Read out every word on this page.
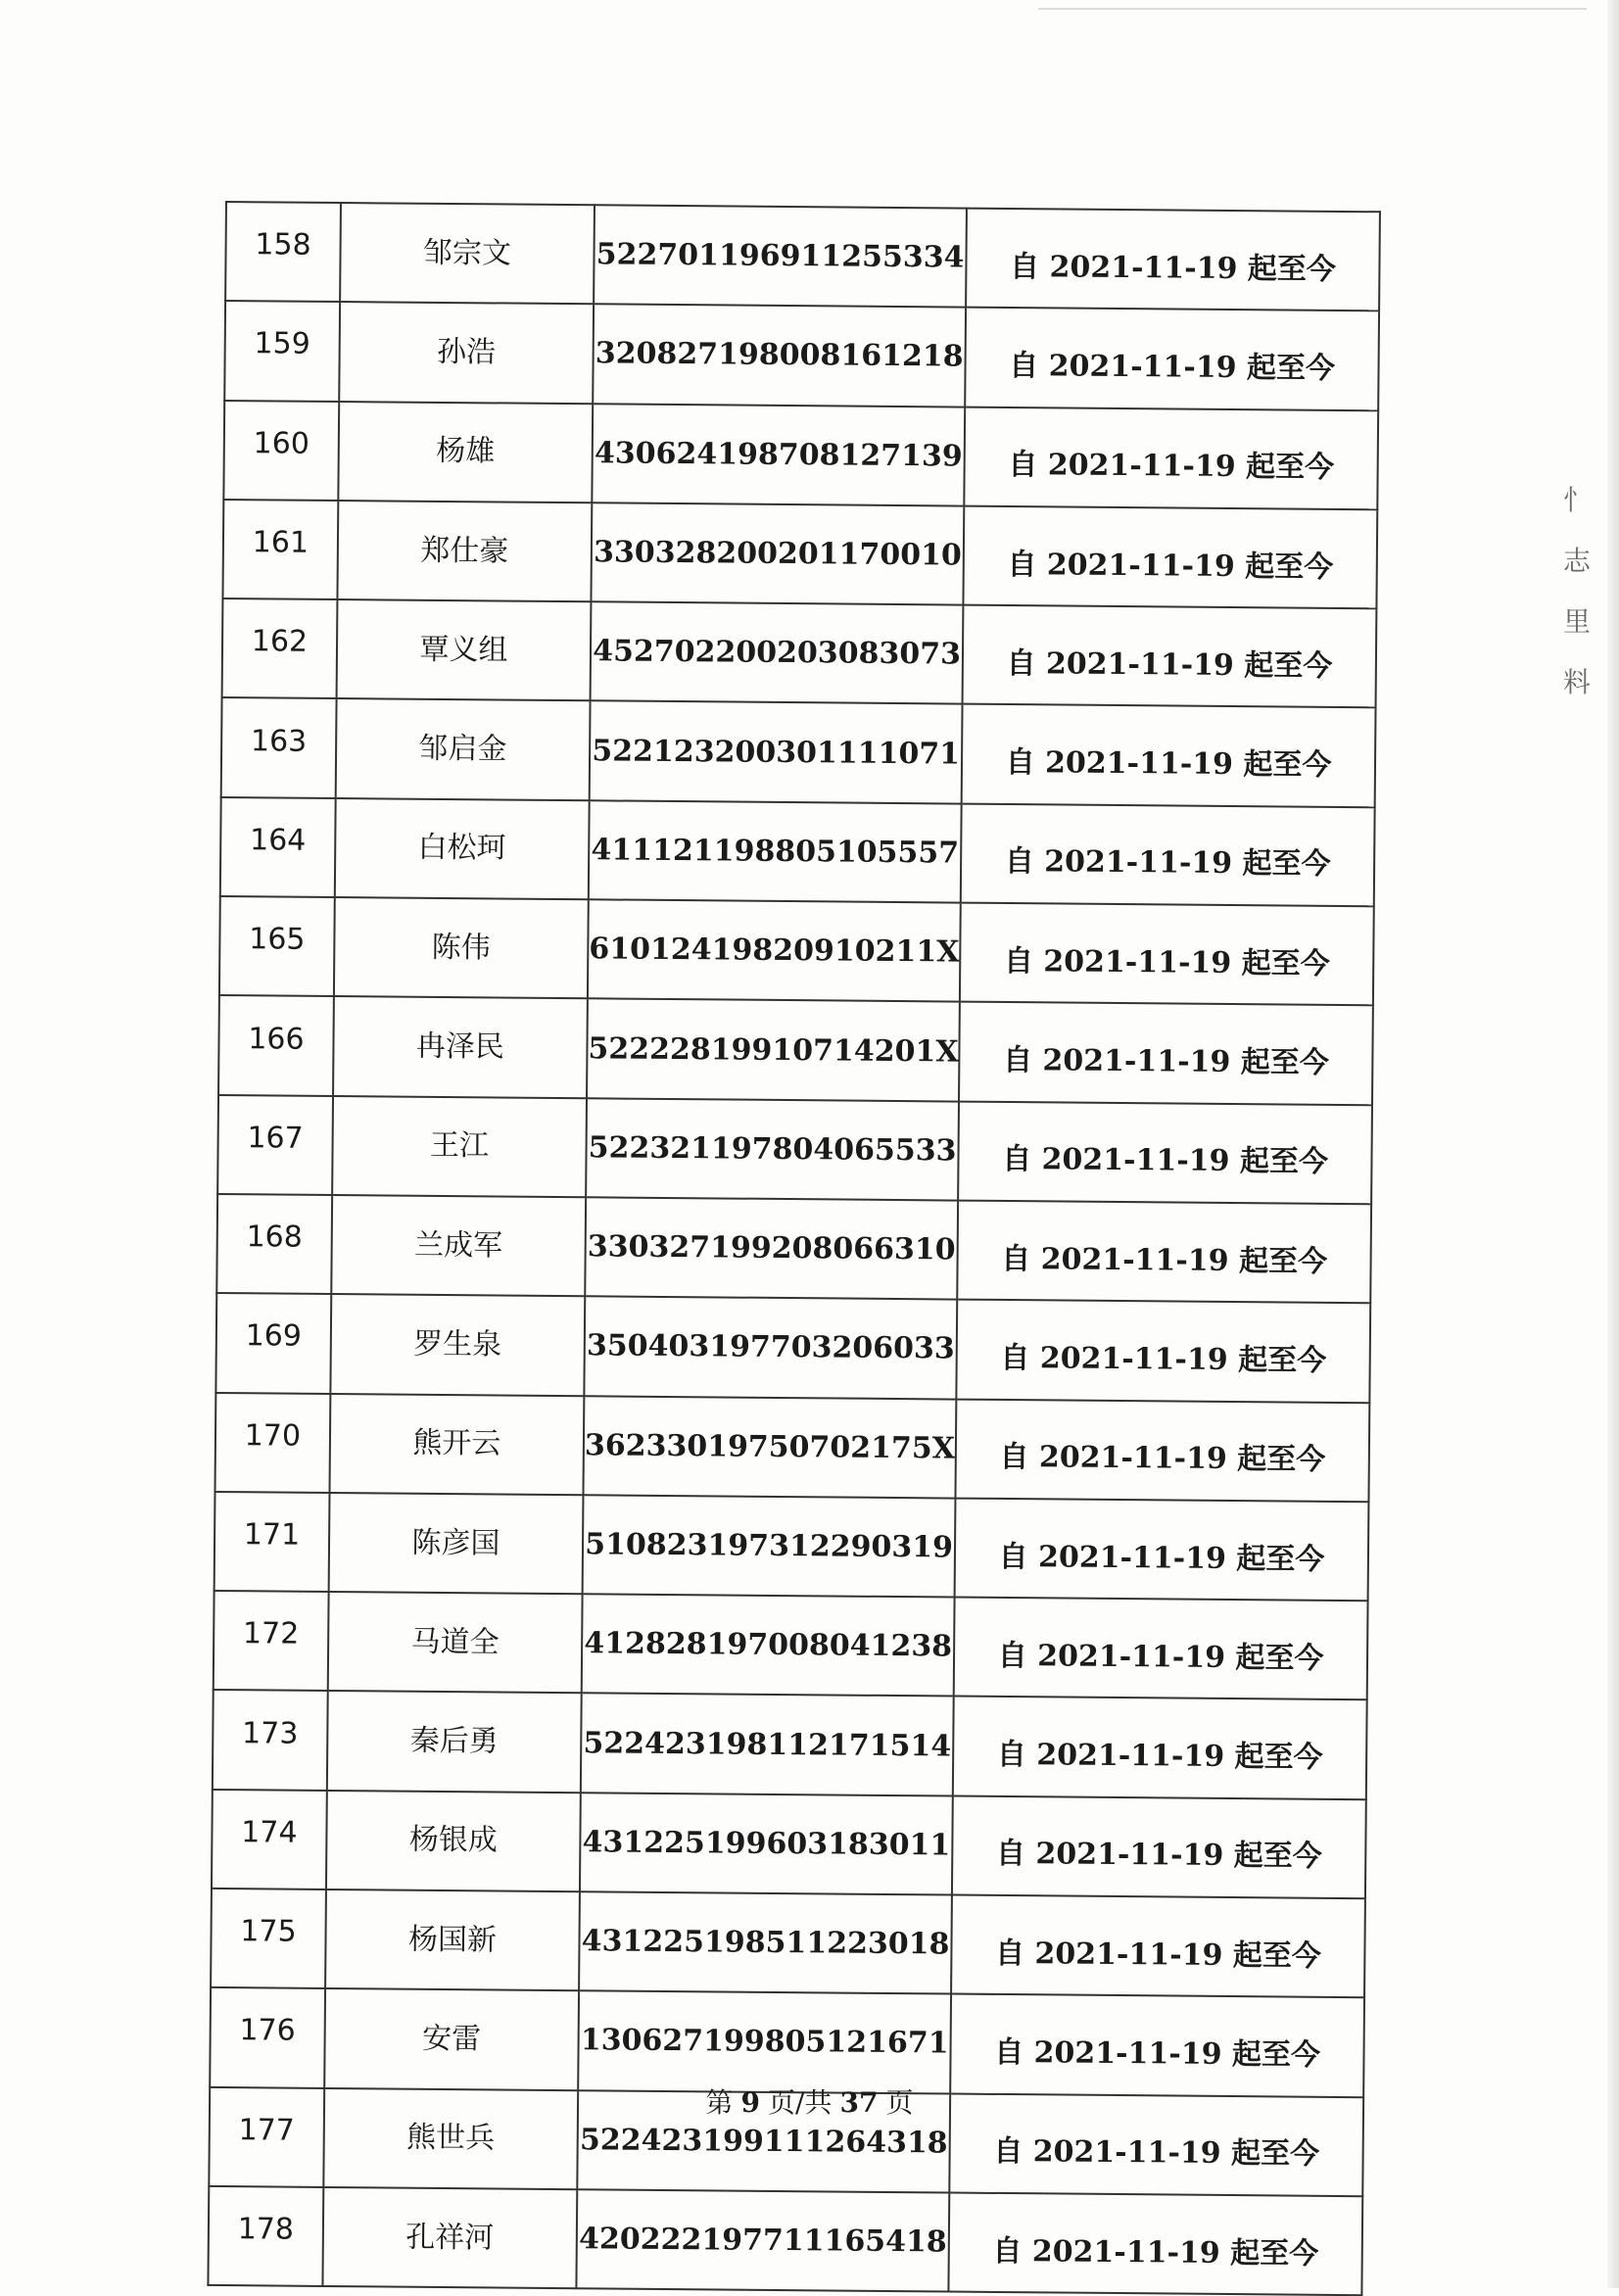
忄
志
里
料
158	邹宗文	522701196911255334	自 2021-11-19 起至今
159	孙浩	320827198008161218	自 2021-11-19 起至今
160	杨雄	430624198708127139	自 2021-11-19 起至今
161	郑仕豪	330328200201170010	自 2021-11-19 起至今
162	覃义组	452702200203083073	自 2021-11-19 起至今
163	邹启金	522123200301111071	自 2021-11-19 起至今
164	白松珂	411121198805105557	自 2021-11-19 起至今
165	陈伟	61012419820910211X	自 2021-11-19 起至今
166	冉泽民	52222819910714201X	自 2021-11-19 起至今
167	王江	522321197804065533	自 2021-11-19 起至今
168	兰成军	330327199208066310	自 2021-11-19 起至今
169	罗生泉	350403197703206033	自 2021-11-19 起至今
170	熊开云	36233019750702175X	自 2021-11-19 起至今
171	陈彦国	510823197312290319	自 2021-11-19 起至今
172	马道全	412828197008041238	自 2021-11-19 起至今
173	秦后勇	522423198112171514	自 2021-11-19 起至今
174	杨银成	431225199603183011	自 2021-11-19 起至今
175	杨国新	431225198511223018	自 2021-11-19 起至今
176	安雷	130627199805121671	自 2021-11-19 起至今
177	熊世兵	522423199111264318	自 2021-11-19 起至今
178	孔祥河	420222197711165418	自 2021-11-19 起至今
第 9 页/共 37 页
